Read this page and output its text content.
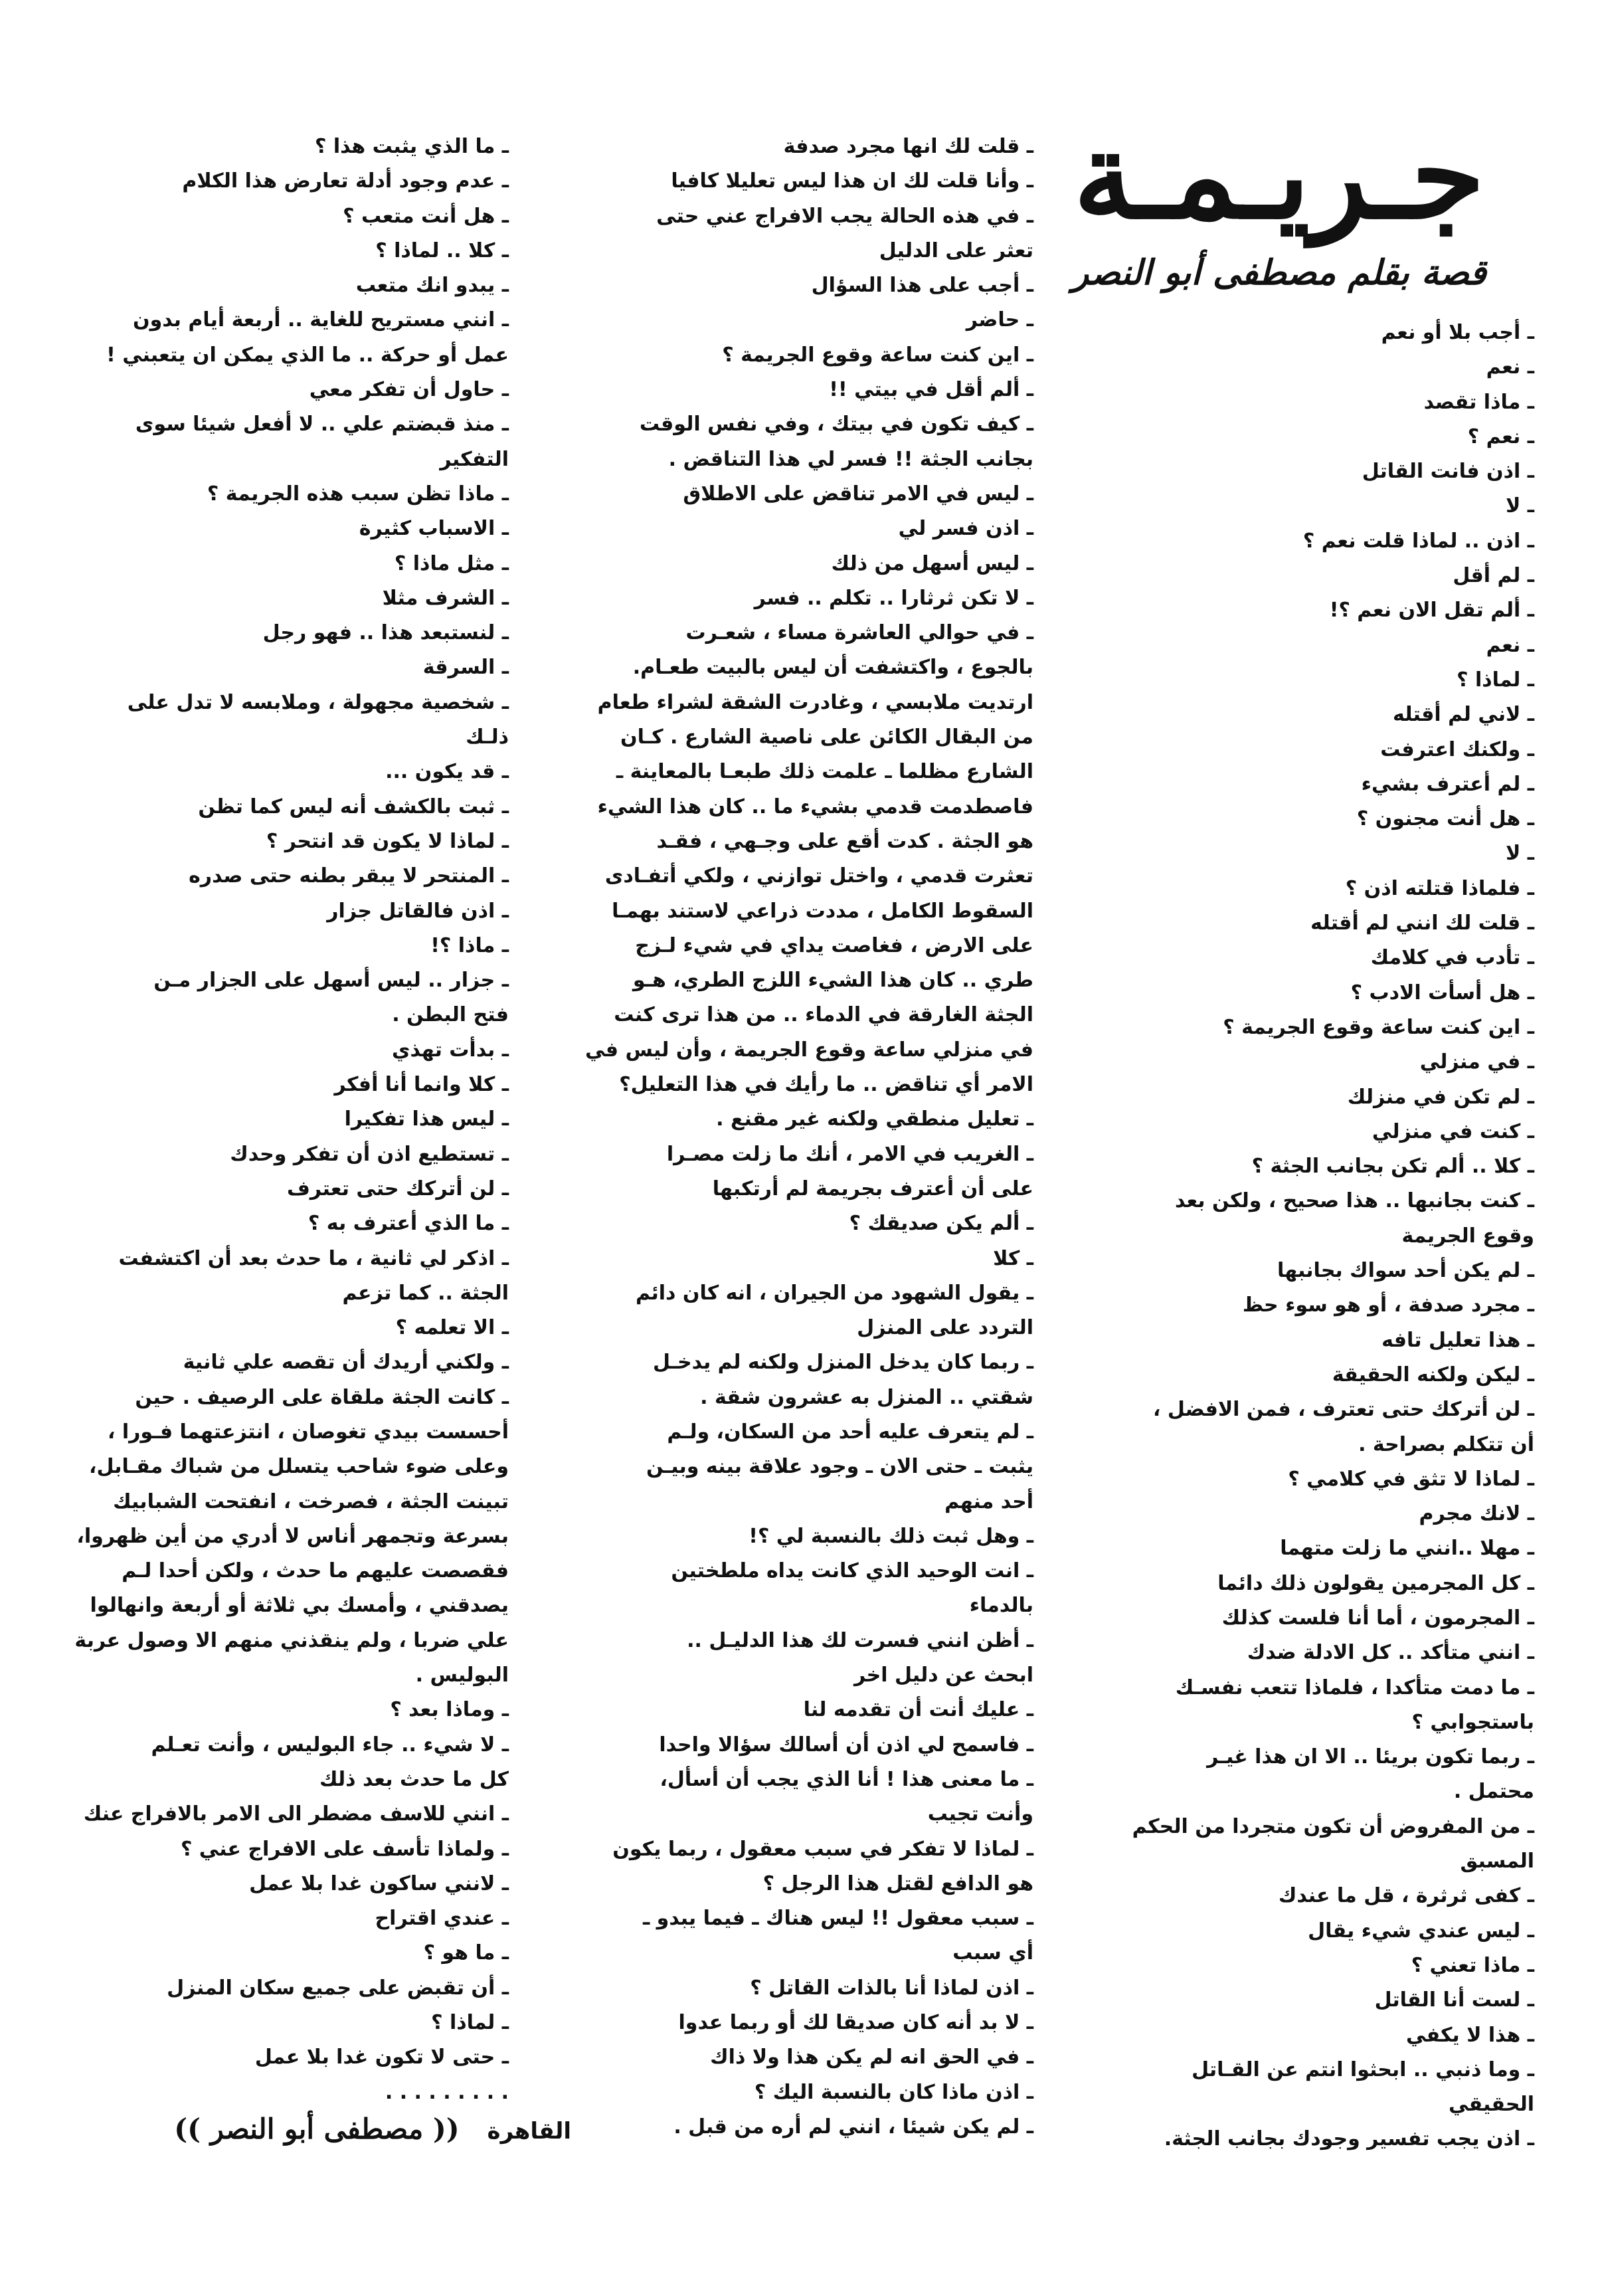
جـريـمـة
قصة بقلم مصطفى أبو النصر
ـ أجب بلا أو نعم
ـ نعم
ـ ماذا تقصد
ـ نعم ؟
ـ اذن فانت القاتل
ـ لا
ـ اذن .. لماذا قلت نعم ؟
ـ لم أقل
ـ ألم تقل الان نعم ؟!
ـ نعم
ـ لماذا ؟
ـ لاني لم أقتله
ـ ولكنك اعترفت
ـ لم أعترف بشيء
ـ هل أنت مجنون ؟
ـ لا
ـ فلماذا قتلته اذن ؟
ـ قلت لك انني لم أقتله
ـ تأدب في كلامك
ـ هل أسأت الادب ؟
ـ اين كنت ساعة وقوع الجريمة ؟
ـ في منزلي
ـ لم تكن في منزلك
ـ كنت في منزلي
ـ كلا .. ألم تكن بجانب الجثة ؟
ـ كنت بجانبها .. هذا صحيح ، ولكن بعد
وقوع الجريمة
ـ لم يكن أحد سواك بجانبها
ـ مجرد صدفة ، أو هو سوء حظ
ـ هذا تعليل تافه
ـ ليكن ولكنه الحقيقة
ـ لن أتركك حتى تعترف ، فمن الافضل ،
أن تتكلم بصراحة .
ـ لماذا لا تثق في كلامي ؟
ـ لانك مجرم
ـ مهلا ..انني ما زلت متهما
ـ كل المجرمين يقولون ذلك دائما
ـ المجرمون ، أما أنا فلست كذلك
ـ انني متأكد .. كل الادلة ضدك
ـ ما دمت متأكدا ، فلماذا تتعب نفسـك
باستجوابي ؟
ـ ربما تكون بريئا .. الا ان هذا غيـر
محتمل .
ـ من المفروض أن تكون متجردا من الحكم
المسبق
ـ كفى ثرثرة ، قل ما عندك
ـ ليس عندي شيء يقال
ـ ماذا تعني ؟
ـ لست أنا القاتل
ـ هذا لا يكفي
ـ وما ذنبي .. ابحثوا انتم عن القـاتل
الحقيقي
ـ اذن يجب تفسير وجودك بجانب الجثة.
ـ قلت لك انها مجرد صدفة
ـ وأنا قلت لك ان هذا ليس تعليلا كافيا
ـ في هذه الحالة يجب الافراج عني حتى
تعثر على الدليل
ـ أجب على هذا السؤال
ـ حاضر
ـ اين كنت ساعة وقوع الجريمة ؟
ـ ألم أقل في بيتي !!
ـ كيف تكون في بيتك ، وفي نفس الوقت
بجانب الجثة !! فسر لي هذا التناقض .
ـ ليس في الامر تناقض على الاطلاق
ـ اذن فسر لي
ـ ليس أسهل من ذلك
ـ لا تكن ثرثارا .. تكلم .. فسر
ـ في حوالي العاشرة مساء ، شعـرت
بالجوع ، واكتشفت أن ليس بالبيت طعـام.
ارتديت ملابسي ، وغادرت الشقة لشراء طعام
من البقال الكائن على ناصية الشارع . كـان
الشارع مظلما ـ علمت ذلك طبعـا بالمعاينة ـ
فاصطدمت قدمي بشيء ما .. كان هذا الشيء
هو الجثة . كدت أقع على وجـهي ، فقـد
تعثرت قدمي ، واختل توازني ، ولكي أتفـادى
السقوط الكامل ، مددت ذراعي لاستند بهمـا
على الارض ، فغاصت يداي في شيء لـزج
طري .. كان هذا الشيء اللزج الطري، هـو
الجثة الغارقة في الدماء .. من هذا ترى كنت
في منزلي ساعة وقوع الجريمة ، وأن ليس في
الامر أي تناقض .. ما رأيك في هذا التعليل؟
ـ تعليل منطقي ولكنه غير مقنع .
ـ الغريب في الامر ، أنك ما زلت مصـرا
على أن أعترف بجريمة لم أرتكبها
ـ ألم يكن صديقك ؟
ـ كلا
ـ يقول الشهود من الجيران ، انه كان دائم
التردد على المنزل
ـ ربما كان يدخل المنزل ولكنه لم يدخـل
شقتي .. المنزل به عشرون شقة .
ـ لم يتعرف عليه أحد من السكان، ولـم
يثبت ـ حتى الان ـ وجود علاقة بينه وبيـن
أحد منهم
ـ وهل ثبت ذلك بالنسبة لي ؟!
ـ انت الوحيد الذي كانت يداه ملطختين
بالدماء
ـ أظن انني فسرت لك هذا الدليـل ..
ابحث عن دليل اخر
ـ عليك أنت أن تقدمه لنا
ـ فاسمح لي اذن أن أسالك سؤالا واحدا
ـ ما معنى هذا ! أنا الذي يجب أن أسأل،
وأنت تجيب
ـ لماذا لا تفكر في سبب معقول ، ربما يكون
هو الدافع لقتل هذا الرجل ؟
ـ سبب معقول !! ليس هناك ـ فيما يبدو ـ
أي سبب
ـ اذن لماذا أنا بالذات القاتل ؟
ـ لا بد أنه كان صديقا لك أو ربما عدوا
ـ في الحق انه لم يكن هذا ولا ذاك
ـ اذن ماذا كان بالنسبة اليك ؟
ـ لم يكن شيئا ، انني لم أره من قبل .
ـ ما الذي يثبت هذا ؟
ـ عدم وجود أدلة تعارض هذا الكلام
ـ هل أنت متعب ؟
ـ كلا .. لماذا ؟
ـ يبدو انك متعب
ـ انني مستريح للغاية .. أربعة أيام بدون
عمل أو حركة .. ما الذي يمكن ان يتعبني !
ـ حاول أن تفكر معي
ـ منذ قبضتم علي .. لا أفعل شيئا سوى
التفكير
ـ ماذا تظن سبب هذه الجريمة ؟
ـ الاسباب كثيرة
ـ مثل ماذا ؟
ـ الشرف مثلا
ـ لنستبعد هذا .. فهو رجل
ـ السرقة
ـ شخصية مجهولة ، وملابسه لا تدل على
ذلـك
ـ قد يكون ...
ـ ثبت بالكشف أنه ليس كما تظن
ـ لماذا لا يكون قد انتحر ؟
ـ المنتحر لا يبقر بطنه حتى صدره
ـ اذن فالقاتل جزار
ـ ماذا ؟!
ـ جزار .. ليس أسهل على الجزار مـن
فتح البطن .
ـ بدأت تهذي
ـ كلا وانما أنا أفكر
ـ ليس هذا تفكيرا
ـ تستطيع اذن أن تفكر وحدك
ـ لن أتركك حتى تعترف
ـ ما الذي أعترف به ؟
ـ اذكر لي ثانية ، ما حدث بعد أن اكتشفت
الجثة .. كما تزعم
ـ الا تعلمه ؟
ـ ولكني أريدك أن تقصه علي ثانية
ـ كانت الجثة ملقاة على الرصيف . حين
أحسست بيدي تغوصان ، انتزعتهما فـورا ،
وعلى ضوء شاحب يتسلل من شباك مقـابل،
تبينت الجثة ، فصرخت ، انفتحت الشبابيك
بسرعة وتجمهر أناس لا أدري من أين ظهروا،
فقصصت عليهم ما حدث ، ولكن أحدا لـم
يصدقني ، وأمسك بي ثلاثة أو أربعة وانهالوا
علي ضربا ، ولم ينقذني منهم الا وصول عربة
البوليس .
ـ وماذا بعد ؟
ـ لا شيء .. جاء البوليس ، وأنت تعـلم
كل ما حدث بعد ذلك
ـ انني للاسف مضطر الى الامر بالافراج عنك
ـ ولماذا تأسف على الافراج عني ؟
ـ لانني ساكون غدا بلا عمل
ـ عندي اقتراح
ـ ما هو ؟
ـ أن تقبض على جميع سكان المنزل
ـ لماذا ؟
ـ حتى لا تكون غدا بلا عمل
. . . . . . . . .
القاهرة (( مصطفى أبو النصر ))
